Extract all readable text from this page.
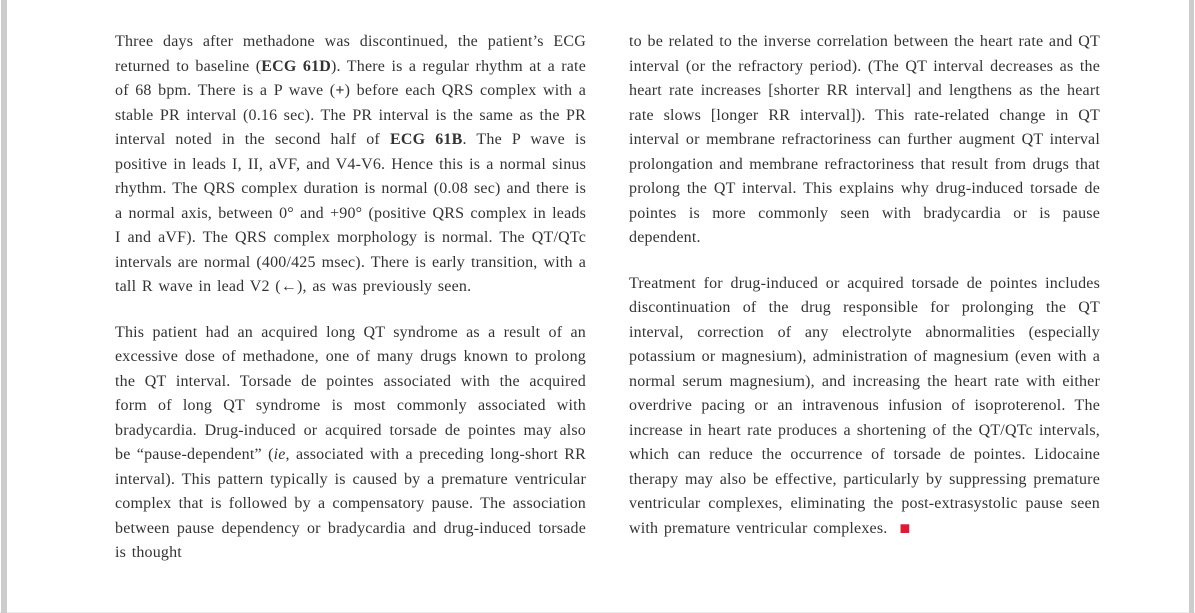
Three days after methadone was discontinued, the patient’s ECG returned to baseline (ECG 61D). There is a regular rhythm at a rate of 68 bpm. There is a P wave (+) before each QRS complex with a stable PR interval (0.16 sec). The PR interval is the same as the PR interval noted in the second half of ECG 61B. The P wave is positive in leads I, II, aVF, and V4-V6. Hence this is a normal sinus rhythm. The QRS complex duration is normal (0.08 sec) and there is a normal axis, between 0° and +90° (positive QRS complex in leads I and aVF). The QRS complex morphology is normal. The QT/QTc intervals are normal (400/425 msec). There is early transition, with a tall R wave in lead V2 (←), as was previously seen.

This patient had an acquired long QT syndrome as a result of an excessive dose of methadone, one of many drugs known to prolong the QT interval. Torsade de pointes associated with the acquired form of long QT syndrome is most commonly associated with bradycardia. Drug-induced or acquired torsade de pointes may also be “pause-dependent” (ie, associated with a preceding long-short RR interval). This pattern typically is caused by a premature ventricular complex that is followed by a compensatory pause. The association between pause dependency or bradycardia and drug-induced torsade is thought

to be related to the inverse correlation between the heart rate and QT interval (or the refractory period). (The QT interval decreases as the heart rate increases [shorter RR interval] and lengthens as the heart rate slows [longer RR interval]). This rate-related change in QT interval or membrane refractoriness can further augment QT interval prolongation and membrane refractoriness that result from drugs that prolong the QT interval. This explains why drug-induced torsade de pointes is more commonly seen with bradycardia or is pause dependent.

Treatment for drug-induced or acquired torsade de pointes includes discontinuation of the drug responsible for prolonging the QT interval, correction of any electrolyte abnormalities (especially potassium or magnesium), administration of magnesium (even with a normal serum magnesium), and increasing the heart rate with either overdrive pacing or an intravenous infusion of isoproterenol. The increase in heart rate produces a shortening of the QT/QTc intervals, which can reduce the occurrence of torsade de pointes. Lidocaine therapy may also be effective, particularly by suppressing premature ventricular complexes, eliminating the post-extrasystolic pause seen with premature ventricular complexes. ■
